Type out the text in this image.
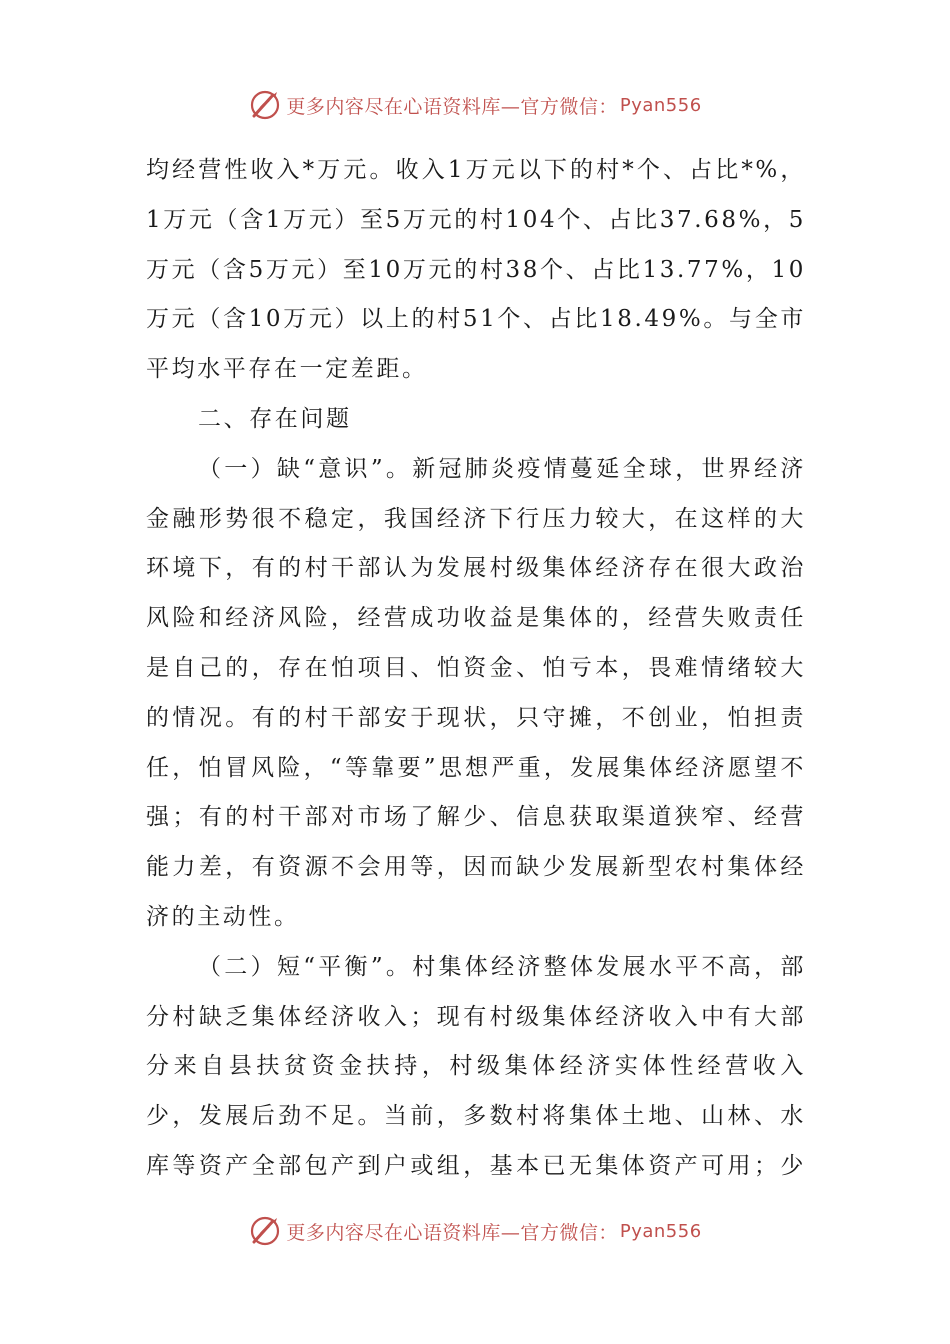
更多内容尽在心语资料库—官方微信： Pyan556

均经营性收入*万元。收入1万元以下的村*个、占比*%，1万元（含1万元）至5万元的村104个、占比37.68%，5万元（含5万元）至10万元的村38个、占比13.77%，10万元（含10万元）以上的村51个、占比18.49%。与全市平均水平存在一定差距。

二、存在问题

（一）缺“意识”。新冠肺炎疫情蔓延全球，世界经济金融形势很不稳定，我国经济下行压力较大，在这样的大环境下，有的村干部认为发展村级集体经济存在很大政治风险和经济风险，经营成功收益是集体的，经营失败责任是自己的，存在怕项目、怕资金、怕亏本，畏难情绪较大的情况。有的村干部安于现状，只守摊，不创业，怕担责任，怕冒风险，“等靠要”思想严重，发展集体经济愿望不强；有的村干部对市场了解少、信息获取渠道狭窄、经营能力差，有资源不会用等，因而缺少发展新型农村集体经济的主动性。

（二）短“平衡”。村集体经济整体发展水平不高，部分村缺乏集体经济收入；现有村级集体经济收入中有大部分来自县扶贫资金扶持，村级集体经济实体性经营收入少，发展后劲不足。当前，多数村将集体土地、山林、水库等资产全部包产到户或组，基本已无集体资产可用；少

更多内容尽在心语资料库—官方微信： Pyan556
